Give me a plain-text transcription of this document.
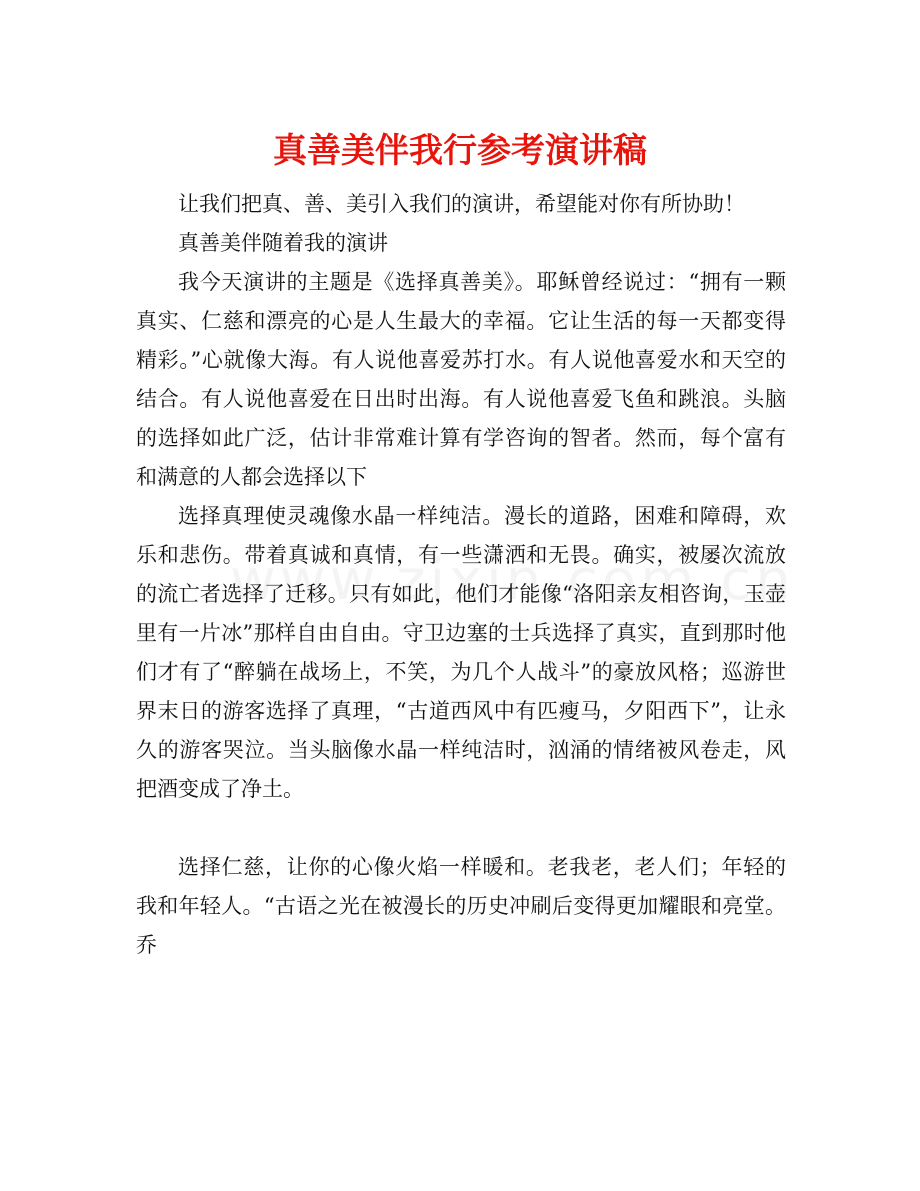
真善美伴我行参考演讲稿

让我们把真、善、美引入我们的演讲，希望能对你有所协助！

真善美伴随着我的演讲

我今天演讲的主题是《选择真善美》。耶稣曾经说过：“拥有一颗真实、仁慈和漂亮的心是人生最大的幸福。它让生活的每一天都变得精彩。”心就像大海。有人说他喜爱苏打水。有人说他喜爱水和天空的结合。有人说他喜爱在日出时出海。有人说他喜爱飞鱼和跳浪。头脑的选择如此广泛，估计非常难计算有学咨询的智者。然而，每个富有和满意的人都会选择以下

选择真理使灵魂像水晶一样纯洁。漫长的道路，困难和障碍，欢乐和悲伤。带着真诚和真情，有一些潇洒和无畏。确实，被屡次流放的流亡者选择了迁移。只有如此，他们才能像“洛阳亲友相咨询，玉壶里有一片冰”那样自由自由。守卫边塞的士兵选择了真实，直到那时他们才有了“醉躺在战场上，不笑，为几个人战斗”的豪放风格；巡游世界末日的游客选择了真理，“古道西风中有匹瘦马，夕阳西下”，让永久的游客哭泣。当头脑像水晶一样纯洁时，汹涌的情绪被风卷走，风把酒变成了净土。

选择仁慈，让你的心像火焰一样暖和。老我老，老人们；年轻的我和年轻人。“古语之光在被漫长的历史冲刷后变得更加耀眼和亮堂。乔
